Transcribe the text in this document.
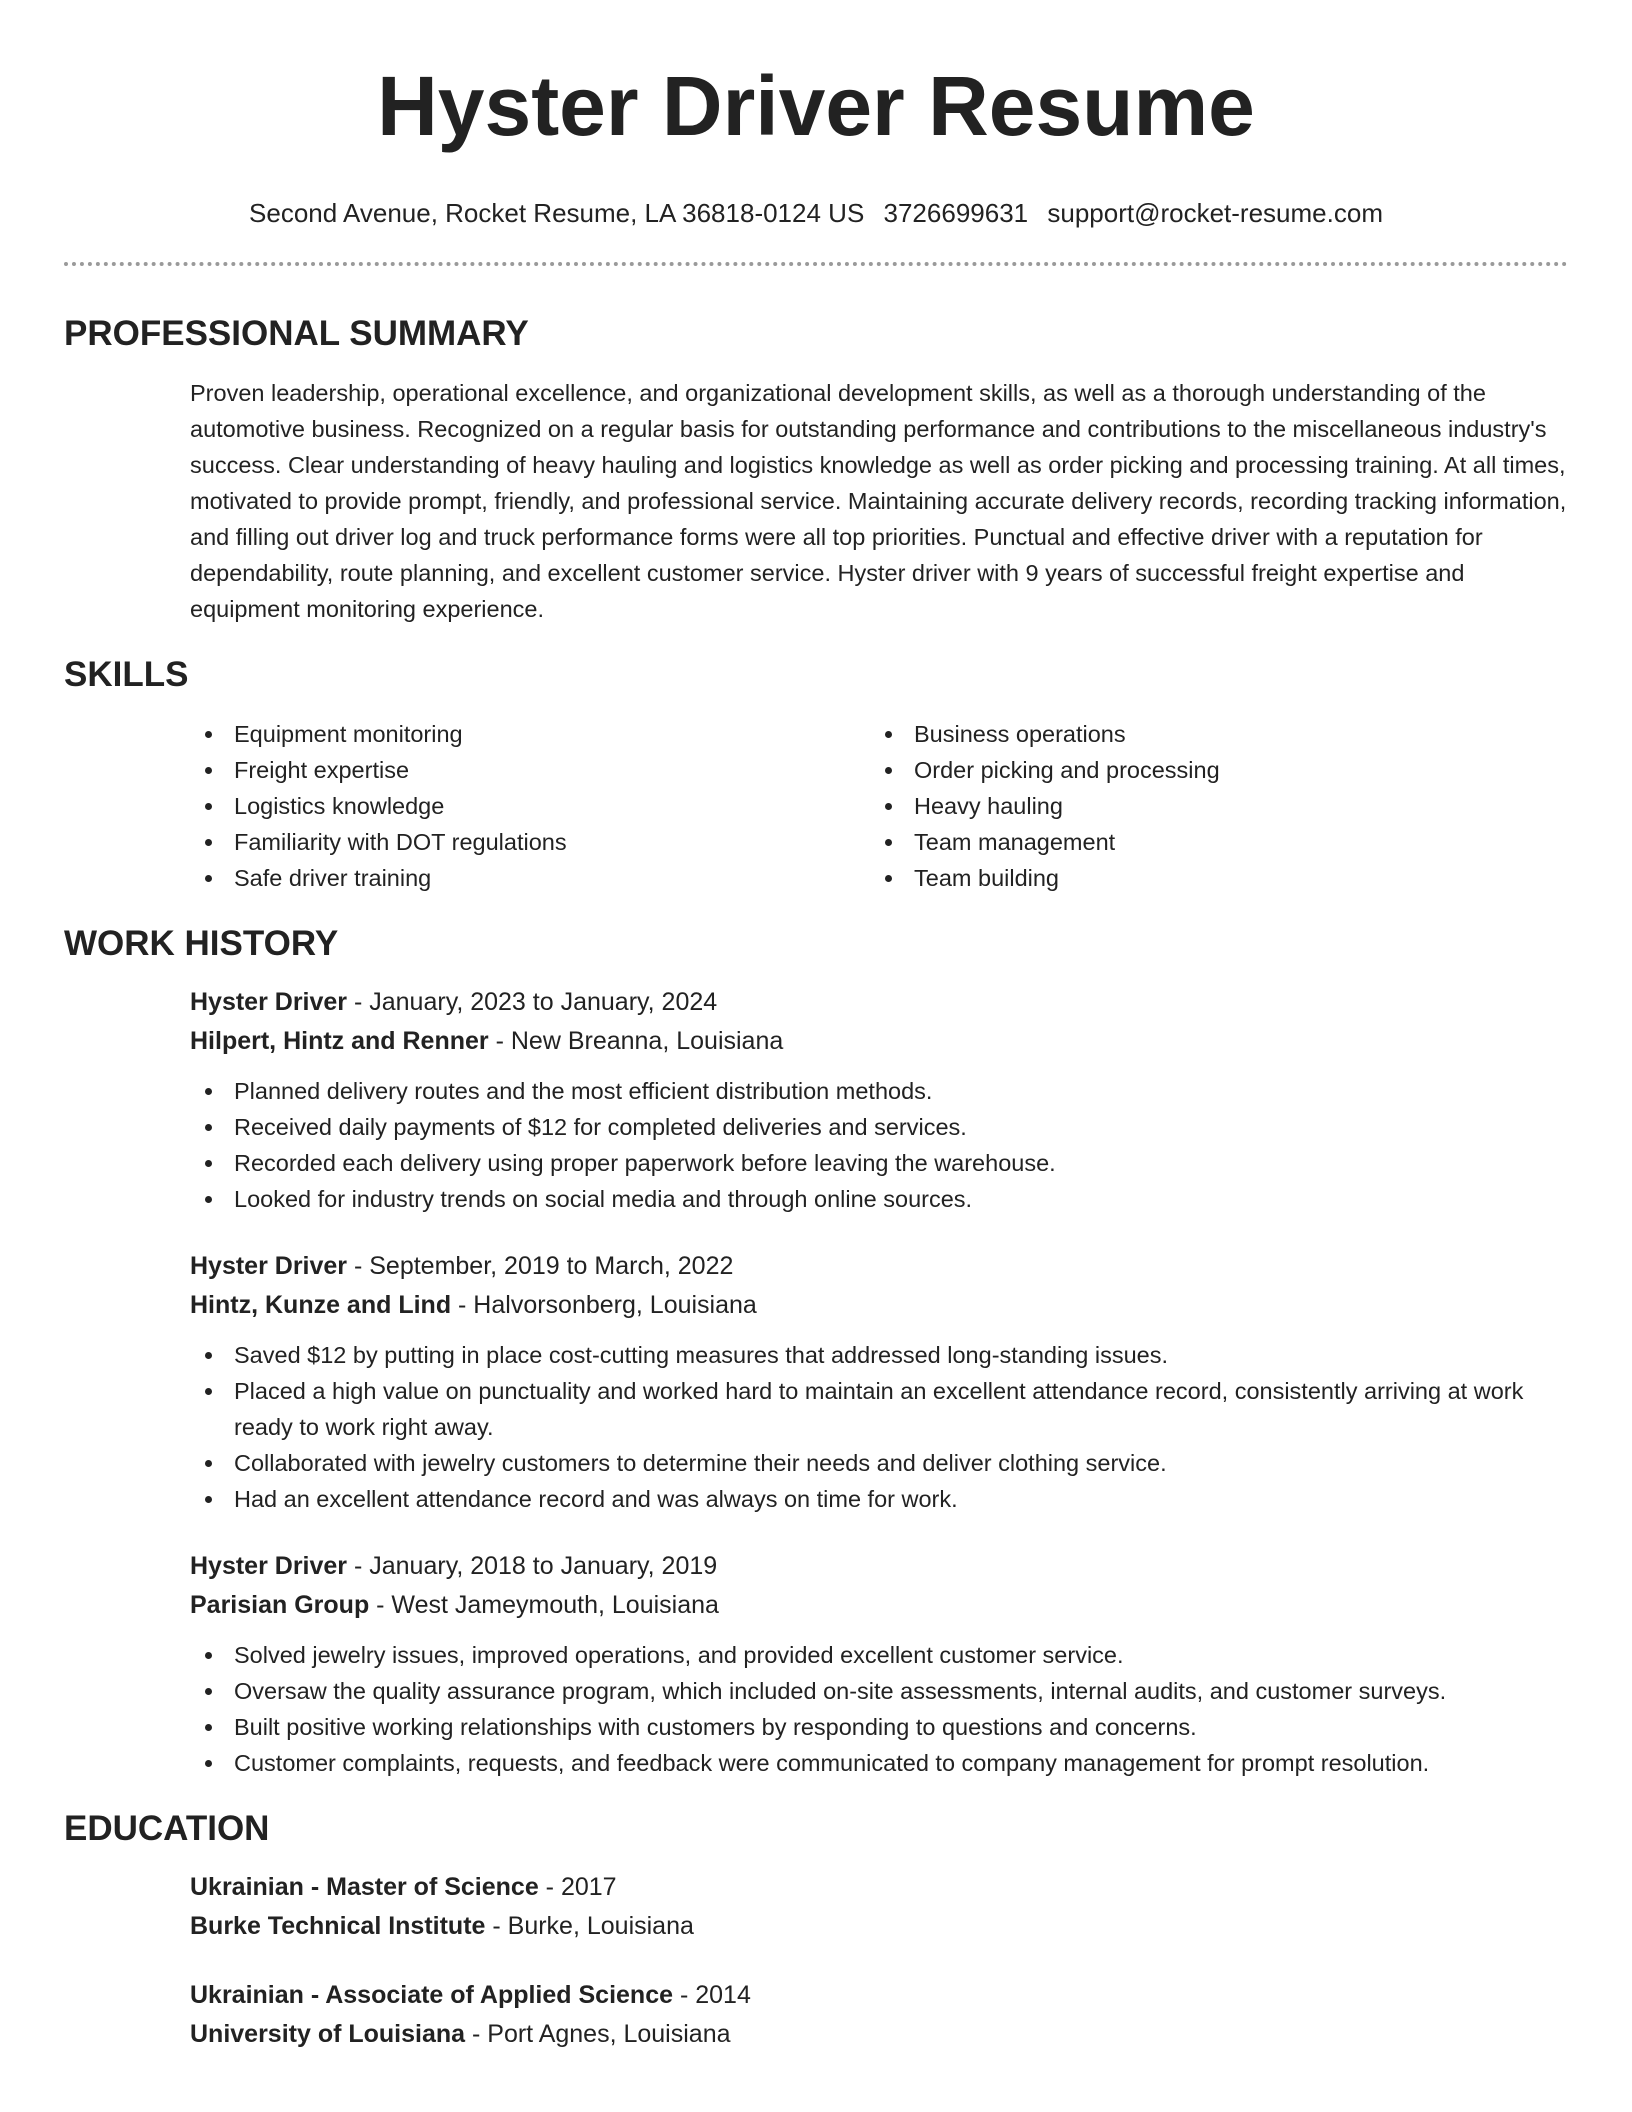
Hyster Driver Resume
Second Avenue, Rocket Resume, LA 36818-0124 US 3726699631 support@rocket-resume.com
PROFESSIONAL SUMMARY

Proven leadership, operational excellence, and organizational development skills, as well as a thorough understanding of the automotive business. Recognized on a regular basis for outstanding performance and contributions to the miscellaneous industry's success. Clear understanding of heavy hauling and logistics knowledge as well as order picking and processing training. At all times, motivated to provide prompt, friendly, and professional service. Maintaining accurate delivery records, recording tracking information, and filling out driver log and truck performance forms were all top priorities. Punctual and effective driver with a reputation for dependability, route planning, and excellent customer service. Hyster driver with 9 years of successful freight expertise and equipment monitoring experience.

SKILLS
Equipment monitoring
Freight expertise
Logistics knowledge
Familiarity with DOT regulations
Safe driver training
Business operations
Order picking and processing
Heavy hauling
Team management
Team building
WORK HISTORY
Hyster Driver - January, 2023 to January, 2024
Hilpert, Hintz and Renner - New Breanna, Louisiana
Planned delivery routes and the most efficient distribution methods.
Received daily payments of $12 for completed deliveries and services.
Recorded each delivery using proper paperwork before leaving the warehouse.
Looked for industry trends on social media and through online sources.
Hyster Driver - September, 2019 to March, 2022
Hintz, Kunze and Lind - Halvorsonberg, Louisiana
Saved $12 by putting in place cost-cutting measures that addressed long-standing issues.
Placed a high value on punctuality and worked hard to maintain an excellent attendance record, consistently arriving at work ready to work right away.
Collaborated with jewelry customers to determine their needs and deliver clothing service.
Had an excellent attendance record and was always on time for work.
Hyster Driver - January, 2018 to January, 2019
Parisian Group - West Jameymouth, Louisiana
Solved jewelry issues, improved operations, and provided excellent customer service.
Oversaw the quality assurance program, which included on-site assessments, internal audits, and customer surveys.
Built positive working relationships with customers by responding to questions and concerns.
Customer complaints, requests, and feedback were communicated to company management for prompt resolution.
EDUCATION
Ukrainian - Master of Science - 2017
Burke Technical Institute - Burke, Louisiana
Ukrainian - Associate of Applied Science - 2014
University of Louisiana - Port Agnes, Louisiana
